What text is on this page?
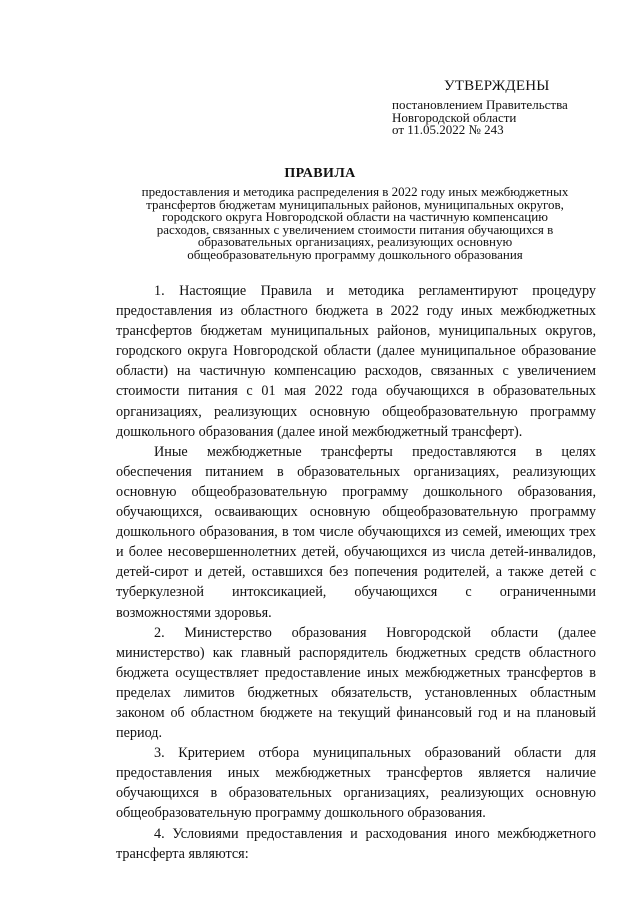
УТВЕРЖДЕНЫ
постановлением Правительства
Новгородской области
от 11.05.2022 № 243
ПРАВИЛА
предоставления и методика распределения в 2022 году иных межбюджетных
трансфертов бюджетам муниципальных районов, муниципальных округов,
городского округа Новгородской области на частичную компенсацию
расходов, связанных с увеличением стоимости питания обучающихся в
образовательных организациях, реализующих основную
общеобразовательную программу дошкольного образования

1. Настоящие Правила и методика регламентируют процедуру предоставления из областного бюджета в 2022 году иных межбюджетных трансфертов бюджетам муниципальных районов, муниципальных округов, городского округа Новгородской области (далее муниципальное образование области) на частичную компенсацию расходов, связанных с увеличением стоимости питания с 01 мая 2022 года обучающихся в образовательных организациях, реализующих основную общеобразовательную программу дошкольного образования (далее иной межбюджетный трансферт).

Иные межбюджетные трансферты предоставляются в целях обеспечения питанием в образовательных организациях, реализующих основную общеобразовательную программу дошкольного образования, обучающихся, осваивающих основную общеобразовательную программу дошкольного образования, в том числе обучающихся из семей, имеющих трех и более несовершеннолетних детей, обучающихся из числа детей-инвалидов, детей-сирот и детей, оставшихся без попечения родителей, а также детей с туберкулезной интоксикацией, обучающихся с ограниченными возможностями здоровья.

2. Министерство образования Новгородской области (далее министерство) как главный распорядитель бюджетных средств областного бюджета осуществляет предоставление иных межбюджетных трансфертов в пределах лимитов бюджетных обязательств, установленных областным законом об областном бюджете на текущий финансовый год и на плановый период.

3. Критерием отбора муниципальных образований области для предоставления иных межбюджетных трансфертов является наличие обучающихся в образовательных организациях, реализующих основную общеобразовательную программу дошкольного образования.

4. Условиями предоставления и расходования иного межбюджетного трансферта являются:
